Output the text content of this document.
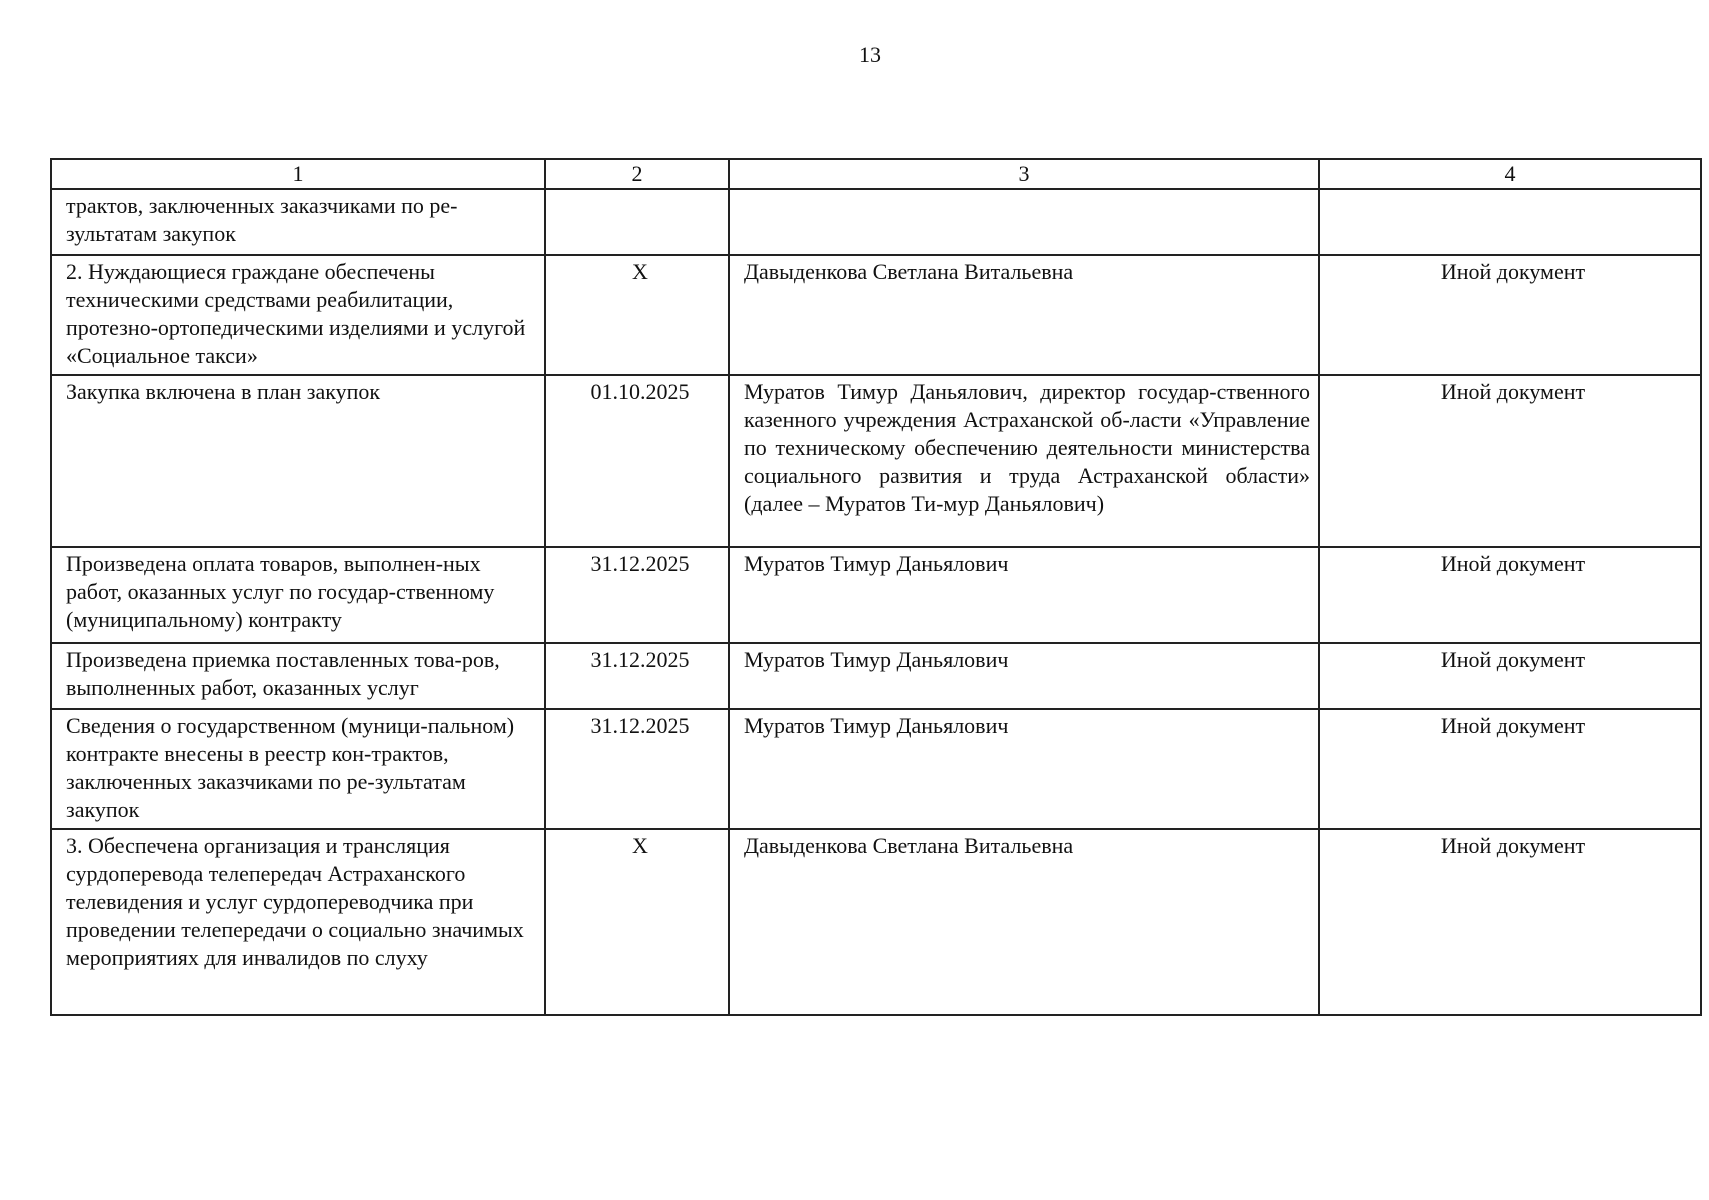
13
1	2	3	4
трактов, заключенных заказчиками по ре-зультатам закупок			
2. Нуждающиеся граждане обеспечены техническими средствами реабилитации, протезно-ортопедическими изделиями и услугой «Социальное такси»	X	Давыденкова Светлана Витальевна	Иной документ
Закупка включена в план закупок	01.10.2025	Муратов Тимур Даньялович, директор государ-ственного казенного учреждения Астраханской об-ласти «Управление по техническому обеспечению деятельности министерства социального развития и труда Астраханской области» (далее – Муратов Ти-мур Даньялович)	Иной документ
Произведена оплата товаров, выполнен-ных работ, оказанных услуг по государ-ственному (муниципальному) контракту	31.12.2025	Муратов Тимур Даньялович	Иной документ
Произведена приемка поставленных това-ров, выполненных работ, оказанных услуг	31.12.2025	Муратов Тимур Даньялович	Иной документ
Сведения о государственном (муници-пальном) контракте внесены в реестр кон-трактов, заключенных заказчиками по ре-зультатам закупок	31.12.2025	Муратов Тимур Даньялович	Иной документ
3. Обеспечена организация и трансляция сурдоперевода телепередач Астраханского телевидения и услуг сурдопереводчика при проведении телепередачи о социально значимых мероприятиях для инвалидов по слуху	X	Давыденкова Светлана Витальевна	Иной документ
